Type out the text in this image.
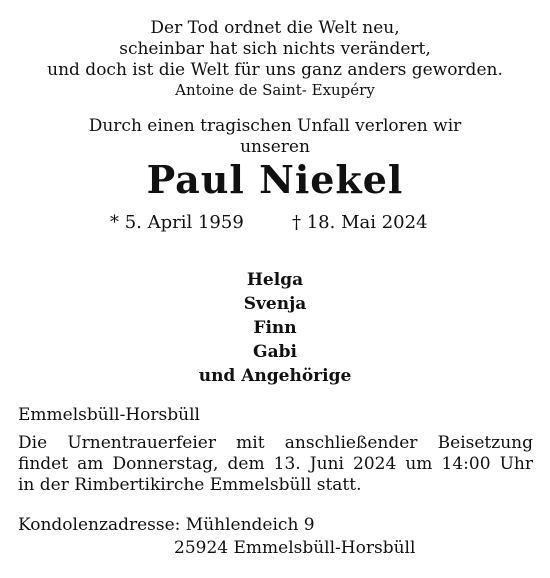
Der Tod ordnet die Welt neu,
scheinbar hat sich nichts verändert,
und doch ist die Welt für uns ganz anders geworden.
Antoine de Saint- Exupéry
Durch einen tragischen Unfall verloren wir
unseren
Paul Niekel
* 5. April 1959	† 18. Mai 2024
Helga
Svenja
Finn
Gabi
und Angehörige
Emmelsbüll-Horsbüll
Die Urnentrauerfeier mit anschließender Beisetzung
findet am Donnerstag, dem 13. Juni 2024 um 14:00 Uhr
in der Rimbertikirche Emmelsbüll statt.
Kondolenzadresse: Mühlendeich 9
25924 Emmelsbüll-Horsbüll
